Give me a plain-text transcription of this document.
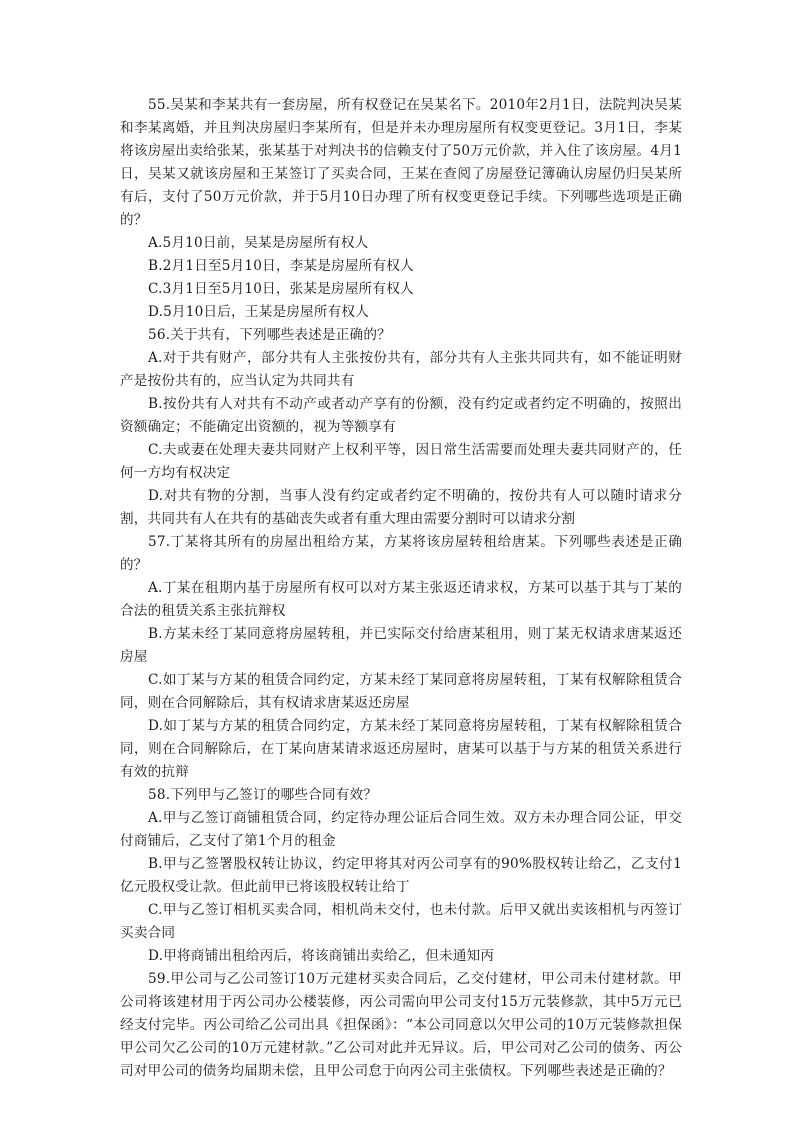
55.吴某和李某共有一套房屋，所有权登记在吴某名下。2010年2月1日，法院判决吴某和李某离婚，并且判决房屋归李某所有，但是并未办理房屋所有权变更登记。3月1日，李某将该房屋出卖给张某，张某基于对判决书的信赖支付了50万元价款，并入住了该房屋。4月1日，吴某又就该房屋和王某签订了买卖合同，王某在查阅了房屋登记簿确认房屋仍归吴某所有后，支付了50万元价款，并于5月10日办理了所有权变更登记手续。下列哪些选项是正确的？

A.5月10日前，吴某是房屋所有权人

B.2月1日至5月10日，李某是房屋所有权人

C.3月1日至5月10日，张某是房屋所有权人

D.5月10日后，王某是房屋所有权人

56.关于共有，下列哪些表述是正确的？

A.对于共有财产，部分共有人主张按份共有，部分共有人主张共同共有，如不能证明财产是按份共有的，应当认定为共同共有

B.按份共有人对共有不动产或者动产享有的份额，没有约定或者约定不明确的，按照出资额确定；不能确定出资额的，视为等额享有

C.夫或妻在处理夫妻共同财产上权利平等，因日常生活需要而处理夫妻共同财产的，任何一方均有权决定

D.对共有物的分割，当事人没有约定或者约定不明确的，按份共有人可以随时请求分割，共同共有人在共有的基础丧失或者有重大理由需要分割时可以请求分割

57.丁某将其所有的房屋出租给方某，方某将该房屋转租给唐某。下列哪些表述是正确的？

A.丁某在租期内基于房屋所有权可以对方某主张返还请求权，方某可以基于其与丁某的合法的租赁关系主张抗辩权

B.方某未经丁某同意将房屋转租，并已实际交付给唐某租用，则丁某无权请求唐某返还房屋

C.如丁某与方某的租赁合同约定，方某未经丁某同意将房屋转租，丁某有权解除租赁合同，则在合同解除后，其有权请求唐某返还房屋

D.如丁某与方某的租赁合同约定，方某未经丁某同意将房屋转租，丁某有权解除租赁合同，则在合同解除后，在丁某向唐某请求返还房屋时，唐某可以基于与方某的租赁关系进行有效的抗辩

58.下列甲与乙签订的哪些合同有效？

A.甲与乙签订商铺租赁合同，约定待办理公证后合同生效。双方未办理合同公证，甲交付商铺后，乙支付了第1个月的租金

B.甲与乙签署股权转让协议，约定甲将其对丙公司享有的90%股权转让给乙，乙支付1亿元股权受让款。但此前甲已将该股权转让给丁

C.甲与乙签订相机买卖合同，相机尚未交付，也未付款。后甲又就出卖该相机与丙签订买卖合同

D.甲将商铺出租给丙后，将该商铺出卖给乙，但未通知丙

59.甲公司与乙公司签订10万元建材买卖合同后，乙交付建材，甲公司未付建材款。甲公司将该建材用于丙公司办公楼装修，丙公司需向甲公司支付15万元装修款，其中5万元已经支付完毕。丙公司给乙公司出具《担保函》：“本公司同意以欠甲公司的10万元装修款担保甲公司欠乙公司的10万元建材款。”乙公司对此并无异议。后，甲公司对乙公司的债务、丙公司对甲公司的债务均届期未偿，且甲公司怠于向丙公司主张债权。下列哪些表述是正确的？
